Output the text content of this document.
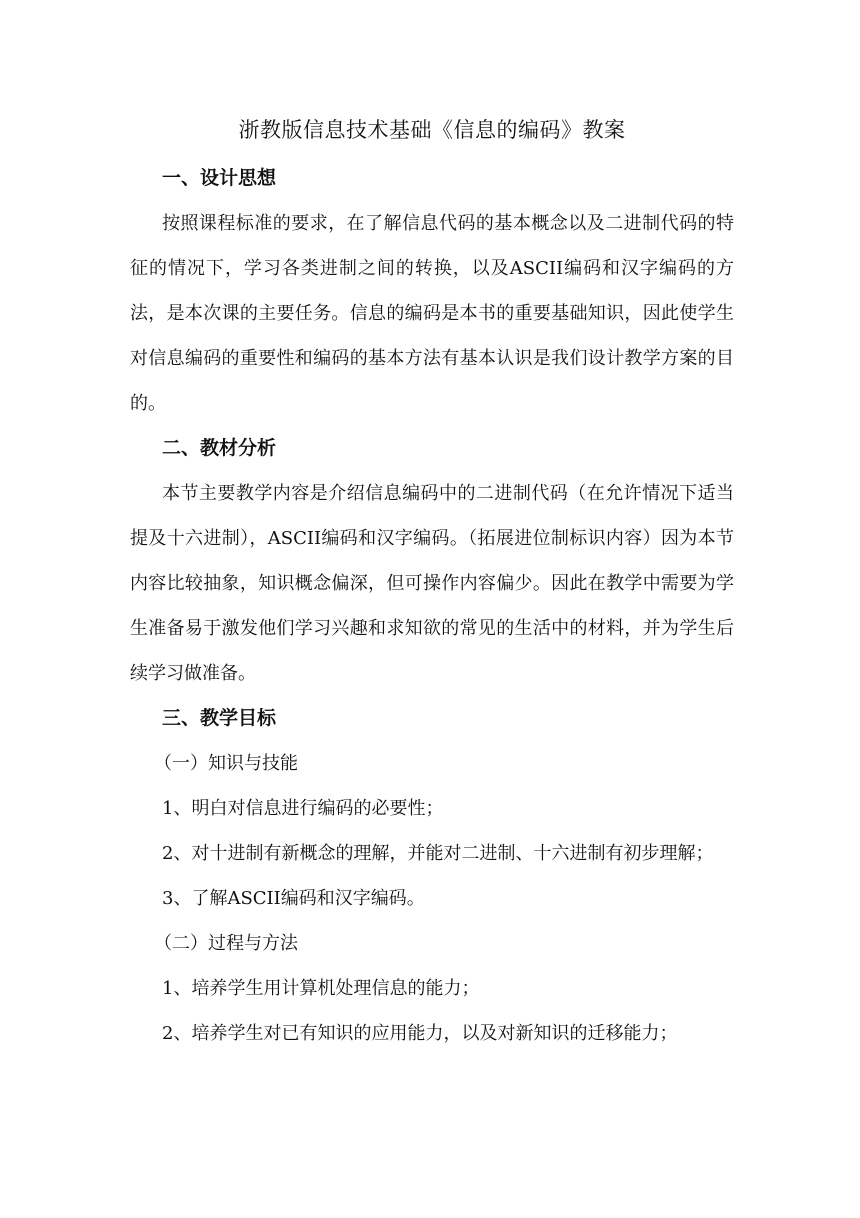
浙教版信息技术基础《信息的编码》教案
一、设计思想

按照课程标准的要求，在了解信息代码的基本概念以及二进制代码的特征的情况下，学习各类进制之间的转换，以及ASCII编码和汉字编码的方法，是本次课的主要任务。信息的编码是本书的重要基础知识，因此使学生对信息编码的重要性和编码的基本方法有基本认识是我们设计教学方案的目的。

二、教材分析

本节主要教学内容是介绍信息编码中的二进制代码（在允许情况下适当提及十六进制），ASCII编码和汉字编码。（拓展进位制标识内容）因为本节内容比较抽象，知识概念偏深，但可操作内容偏少。因此在教学中需要为学生准备易于激发他们学习兴趣和求知欲的常见的生活中的材料，并为学生后续学习做准备。

三、教学目标

（一）知识与技能

1、明白对信息进行编码的必要性；

2、对十进制有新概念的理解，并能对二进制、十六进制有初步理解；

3、了解ASCII编码和汉字编码。

（二）过程与方法

1、培养学生用计算机处理信息的能力；

2、培养学生对已有知识的应用能力，以及对新知识的迁移能力；
